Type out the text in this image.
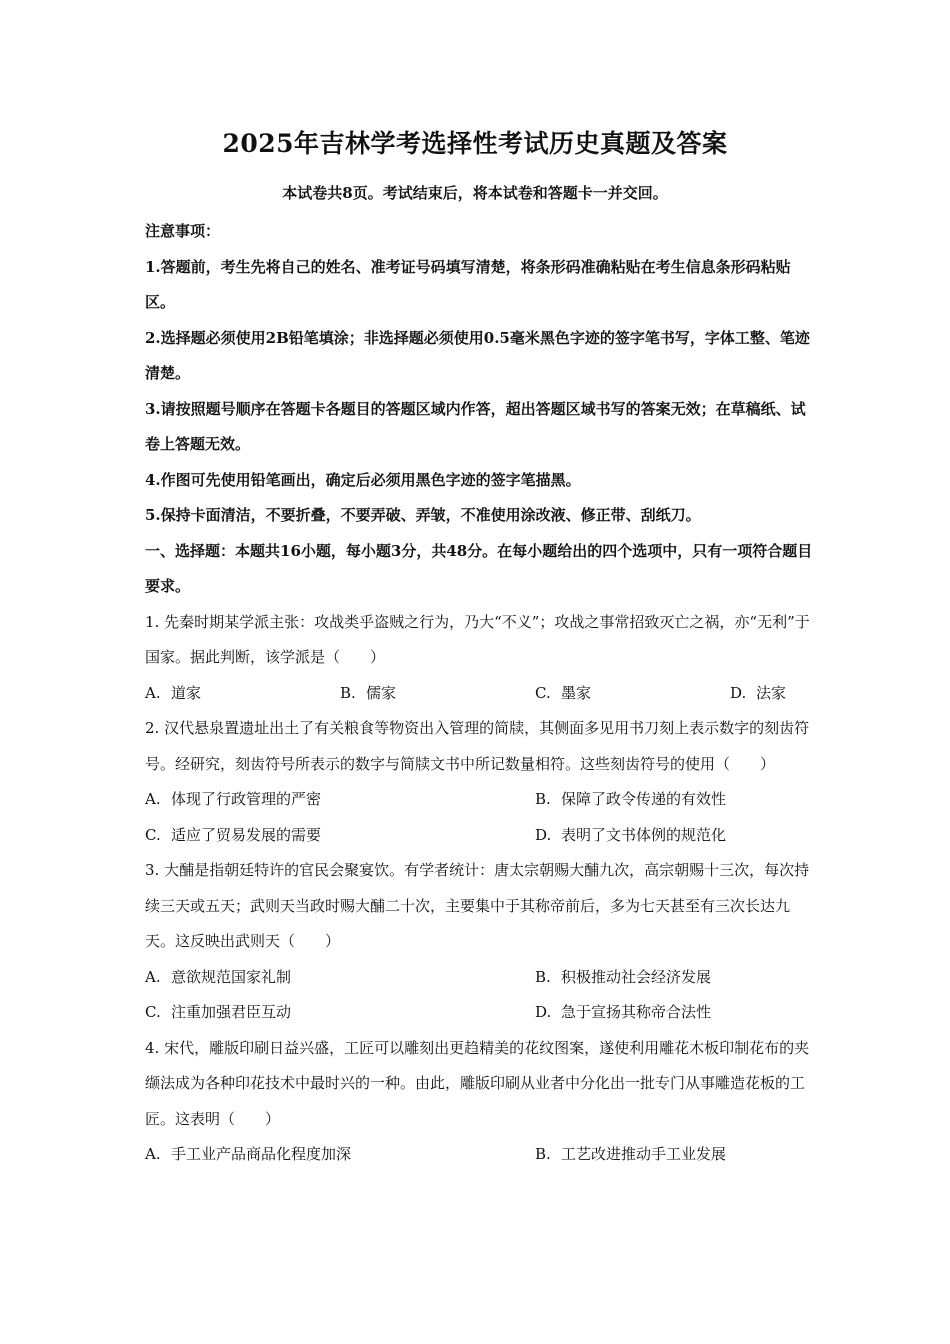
2025年吉林学考选择性考试历史真题及答案
本试卷共8页。考试结束后，将本试卷和答题卡一并交回。

注意事项：

1.答题前，考生先将自己的姓名、准考证号码填写清楚，将条形码准确粘贴在考生信息条形码粘贴区。

2.选择题必须使用2B铅笔填涂；非选择题必须使用0.5毫米黑色字迹的签字笔书写，字体工整、笔迹清楚。

3.请按照题号顺序在答题卡各题目的答题区域内作答，超出答题区域书写的答案无效；在草稿纸、试卷上答题无效。

4.作图可先使用铅笔画出，确定后必须用黑色字迹的签字笔描黑。

5.保持卡面清洁，不要折叠，不要弄破、弄皱，不准使用涂改液、修正带、刮纸刀。

一、选择题：本题共16小题，每小题3分，共48分。在每小题给出的四个选项中，只有一项符合题目要求。

1. 先秦时期某学派主张：攻战类乎盗贼之行为，乃大“不义”；攻战之事常招致灭亡之祸，亦“无利”于国家。据此判断，该学派是（　　）

A. 道家	B. 儒家	C. 墨家	D. 法家

2. 汉代悬泉置遗址出土了有关粮食等物资出入管理的简牍，其侧面多见用书刀刻上表示数字的刻齿符号。经研究，刻齿符号所表示的数字与简牍文书中所记数量相符。这些刻齿符号的使用（　　）

A. 体现了行政管理的严密	B. 保障了政令传递的有效性
C. 适应了贸易发展的需要	D. 表明了文书体例的规范化

3. 大酺是指朝廷特许的官民会聚宴饮。有学者统计：唐太宗朝赐大酺九次，高宗朝赐十三次，每次持续三天或五天；武则天当政时赐大酺二十次，主要集中于其称帝前后，多为七天甚至有三次长达九天。这反映出武则天（　　）

A. 意欲规范国家礼制	B. 积极推动社会经济发展
C. 注重加强君臣互动	D. 急于宣扬其称帝合法性

4. 宋代，雕版印刷日益兴盛，工匠可以雕刻出更趋精美的花纹图案，遂使利用雕花木板印制花布的夹缬法成为各种印花技术中最时兴的一种。由此，雕版印刷从业者中分化出一批专门从事雕造花板的工匠。这表明（　　）

A. 手工业产品商品化程度加深	B. 工艺改进推动手工业发展
